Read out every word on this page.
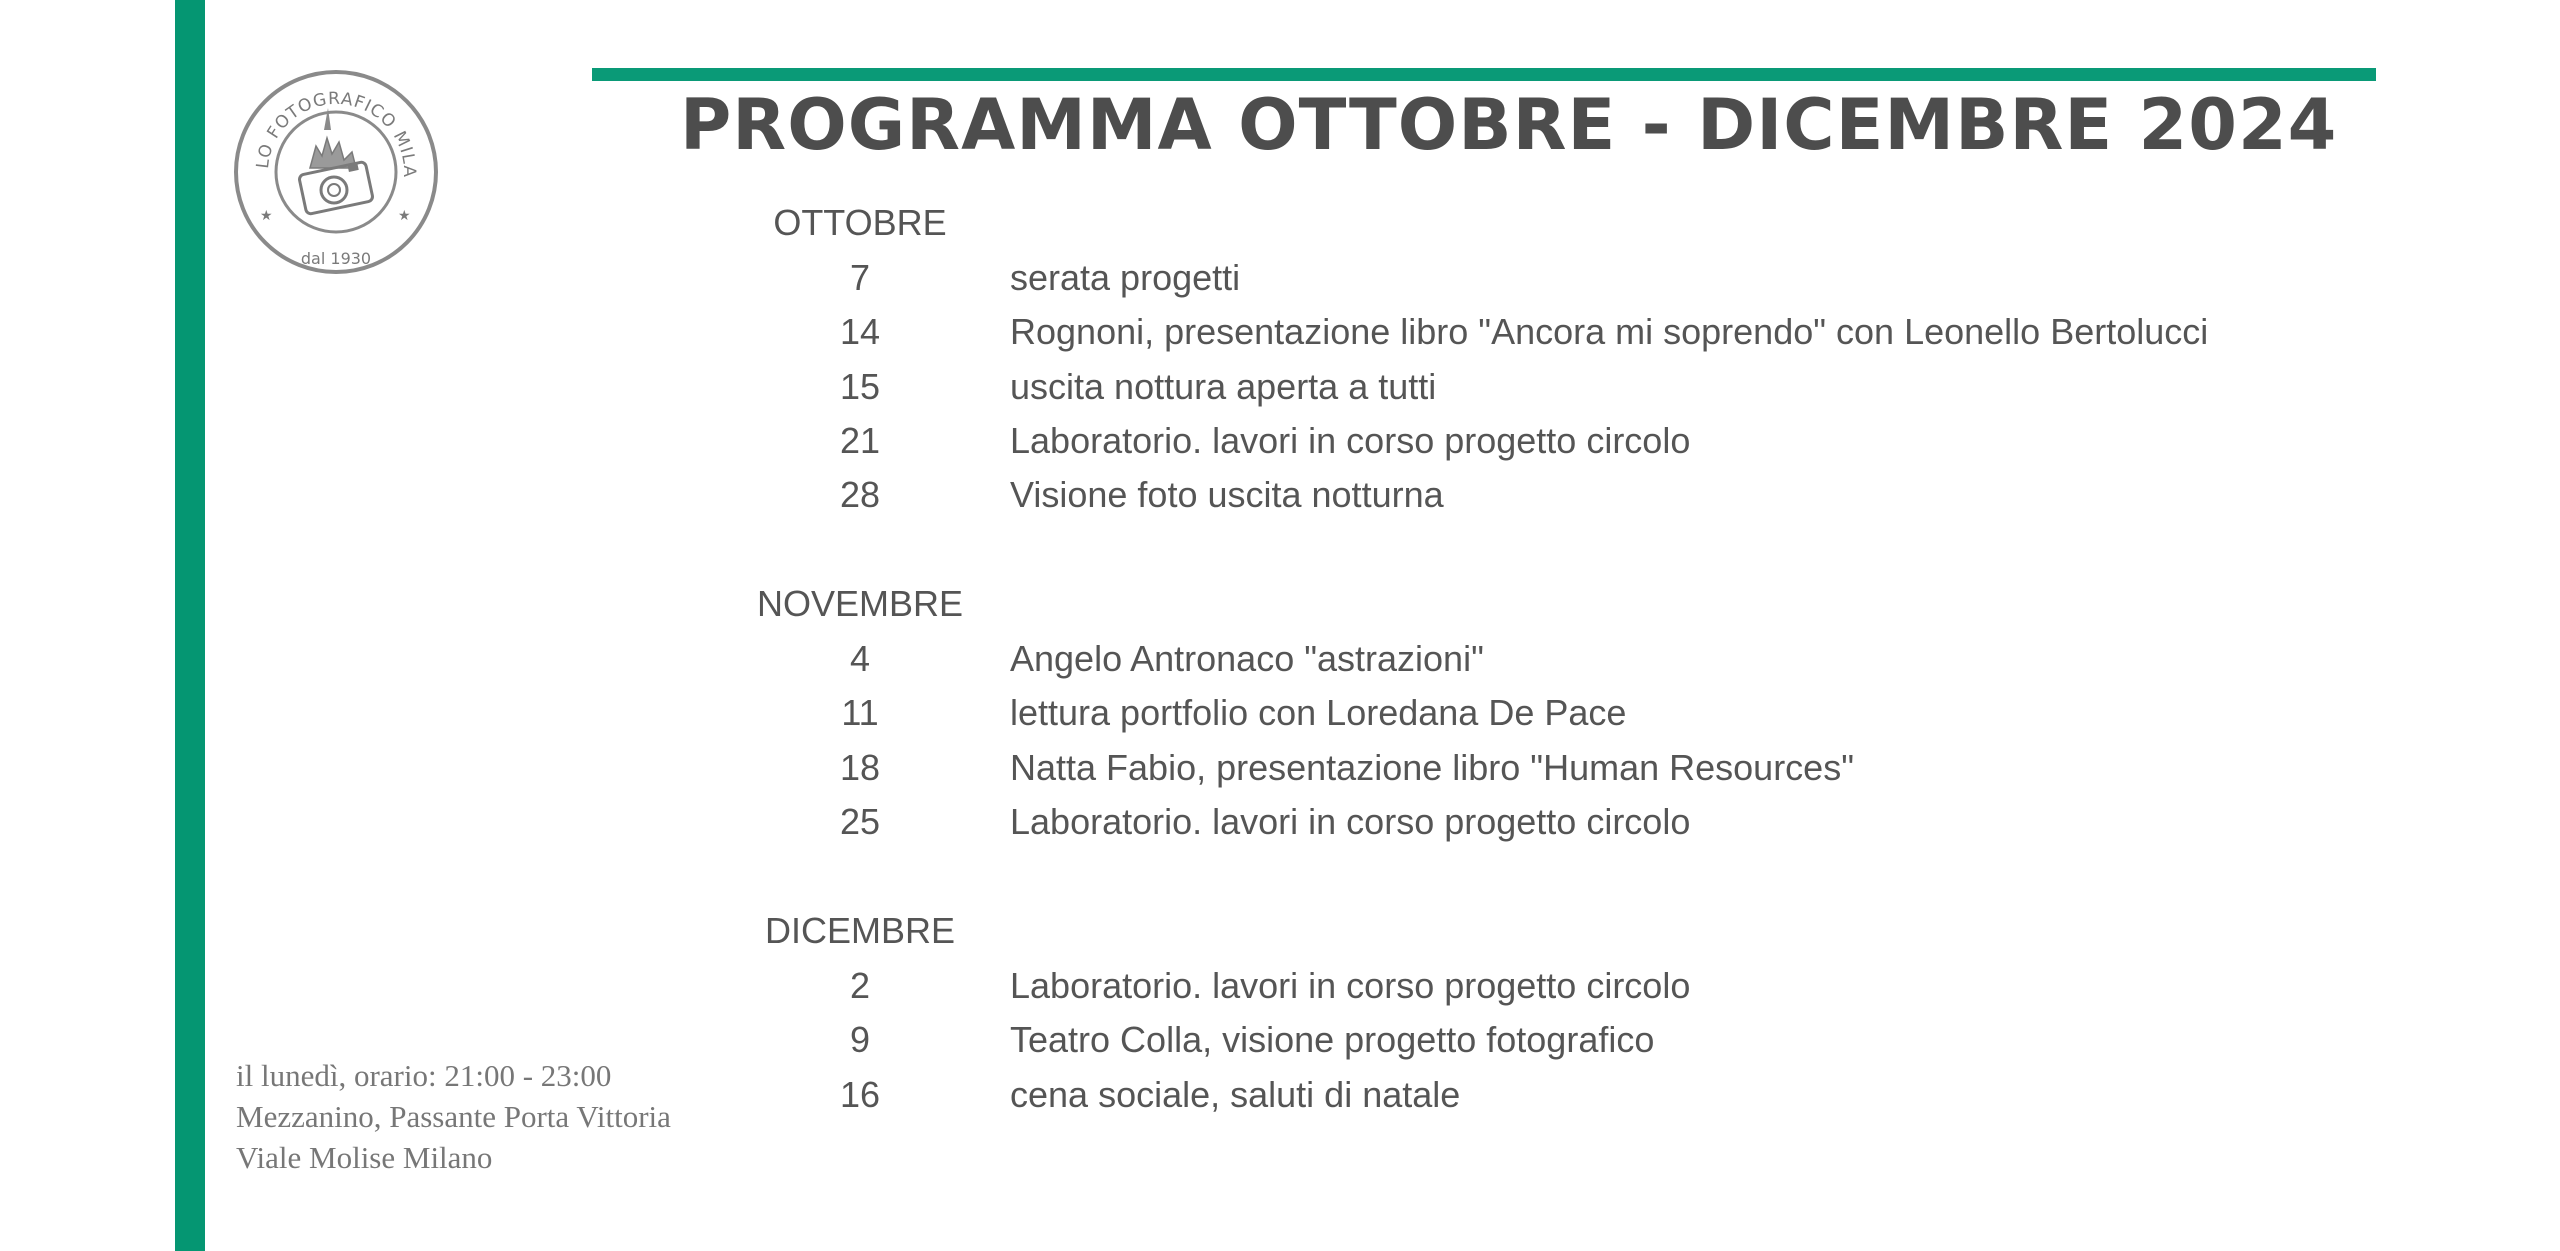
LO FOTOGRAFICO MILA
dal 1930
★	★
PROGRAMMA OTTOBRE - DICEMBRE 2024
OTTOBRE
7	serata progetti
14	Rognoni, presentazione libro "Ancora mi soprendo" con Leonello Bertolucci
15	uscita nottura aperta a tutti
21	Laboratorio. lavori in corso progetto circolo
28	Visione foto uscita notturna
NOVEMBRE
4	Angelo Antronaco "astrazioni"
11	lettura portfolio con Loredana De Pace
18	Natta Fabio, presentazione libro "Human Resources"
25	Laboratorio. lavori in corso progetto circolo
DICEMBRE
2	Laboratorio. lavori in corso progetto circolo
9	Teatro Colla, visione progetto fotografico
16	cena sociale, saluti di natale
il lunedì, orario: 21:00 - 23:00
Mezzanino, Passante Porta Vittoria
Viale Molise Milano
